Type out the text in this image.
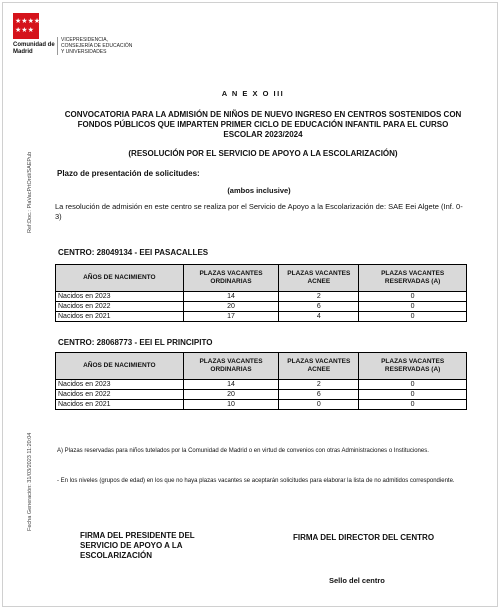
★ ★ ★ ★
★ ★ ★
Comunidad de Madrid
VICEPRESIDENCIA, CONSEJERÍA DE EDUCACIÓN Y UNIVERSIDADES
Ref:Doc.: PlaVacPrtOrdi/SAEPub
Fecha Generación: 31/03/2023 11:20:04
A N E X O III
CONVOCATORIA PARA LA ADMISIÓN DE NIÑOS DE NUEVO INGRESO EN CENTROS SOSTENIDOS CON FONDOS PÚBLICOS QUE IMPARTEN PRIMER CICLO DE EDUCACIÓN INFANTIL PARA EL CURSO ESCOLAR 2023/2024
(RESOLUCIÓN POR EL SERVICIO DE APOYO A LA ESCOLARIZACIÓN)
Plazo de presentación de solicitudes:
(ambos inclusive)
La resolución de admisión en este centro se realiza por el Servicio de Apoyo a la Escolarización de: SAE Eei Algete (Inf. 0-3)
CENTRO: 28049134 - EEI PASACALLES
AÑOS DE NACIMIENTO	PLAZAS VACANTES ORDINARIAS	PLAZAS VACANTES ACNEE	PLAZAS VACANTES RESERVADAS (A)
Nacidos en 2023	14	2	0
Nacidos en 2022	20	6	0
Nacidos en 2021	17	4	0
CENTRO: 28068773 - EEI EL PRINCIPITO
AÑOS DE NACIMIENTO	PLAZAS VACANTES ORDINARIAS	PLAZAS VACANTES ACNEE	PLAZAS VACANTES RESERVADAS (A)
Nacidos en 2023	14	2	0
Nacidos en 2022	20	6	0
Nacidos en 2021	10	0	0
A) Plazas reservadas para niños tutelados por la Comunidad de Madrid o en virtud de convenios con otras Administraciones o Instituciones.
- En los niveles (grupos de edad) en los que no haya plazas vacantes se aceptarán solicitudes para elaborar la lista de no admitidos correspondiente.
FIRMA DEL PRESIDENTE DEL SERVICIO DE APOYO A LA ESCOLARIZACIÓN
FIRMA DEL DIRECTOR DEL CENTRO
Sello del centro
